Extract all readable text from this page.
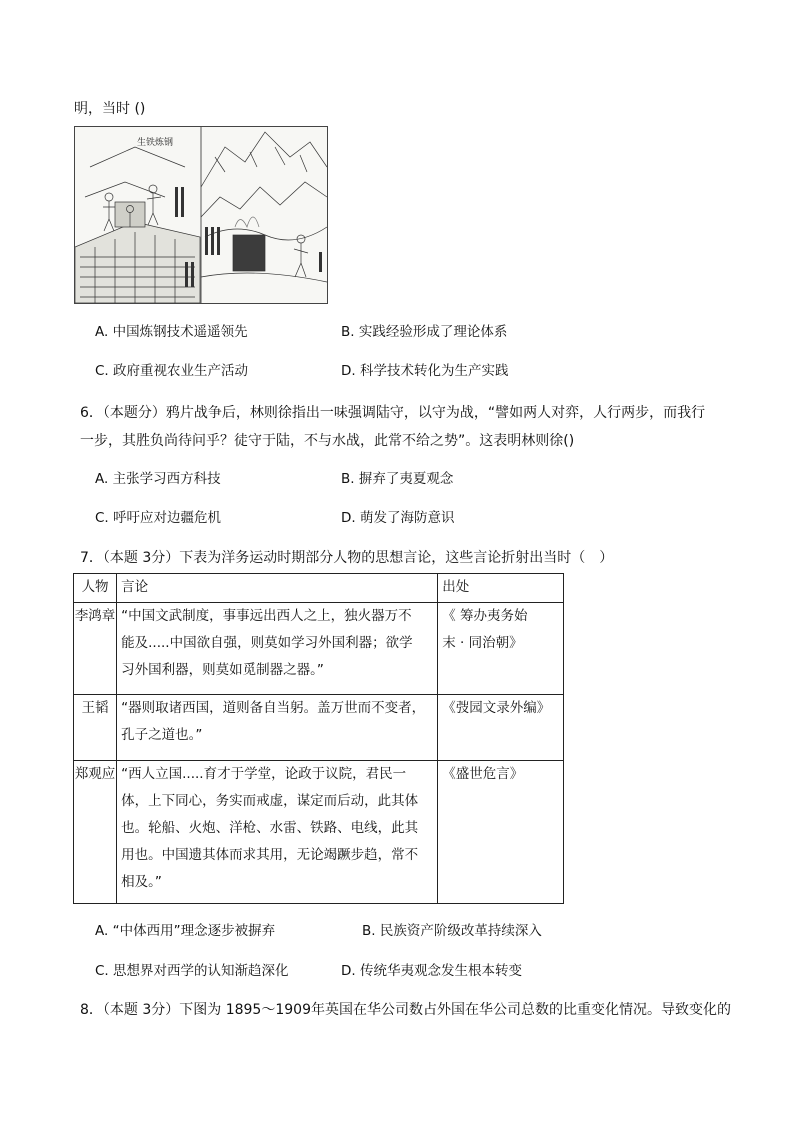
明，当时 ()
生铁炼钢
A. 中国炼钢技术遥遥领先	B. 实践经验形成了理论体系
C. 政府重视农业生产活动	D. 科学技术转化为生产实践
6．（本题分）鸦片战争后，林则徐指出一味强调陆守，以守为战，“譬如两人对弈，人行两步，而我行
一步，其胜负尚待问乎？徒守于陆，不与水战，此常不给之势”。这表明林则徐()
A. 主张学习西方科技	B. 摒弃了夷夏观念
C. 呼吁应对边疆危机	D. 萌发了海防意识
7．（本题 3分）下表为洋务运动时期部分人物的思想言论，这些言论折射出当时（　）
人物	言论	出处
李鸿章	“中国文武制度，事事远出西人之上，独火器万不
能及.....中国欲自强，则莫如学习外国利器；欲学
习外国利器，则莫如觅制器之器。”	《 筹办夷务始
末 · 同治朝》
王韬	“器则取诸西国，道则备自当躬。盖万世而不变者，
孔子之道也。”	《弢园文录外编》
郑观应	“西人立国.....育才于学堂，论政于议院，君民一
体，上下同心，务实而戒虚，谋定而后动，此其体
也。轮船、火炮、洋枪、水雷、铁路、电线，此其
用也。中国遗其体而求其用，无论竭蹶步趋，常不
相及。”	《盛世危言》
A. “中体西用”理念逐步被摒弃	B. 民族资产阶级改革持续深入
C. 思想界对西学的认知渐趋深化	D. 传统华夷观念发生根本转变
8．（本题 3分）下图为 1895～1909年英国在华公司数占外国在华公司总数的比重变化情况。导致变化的
